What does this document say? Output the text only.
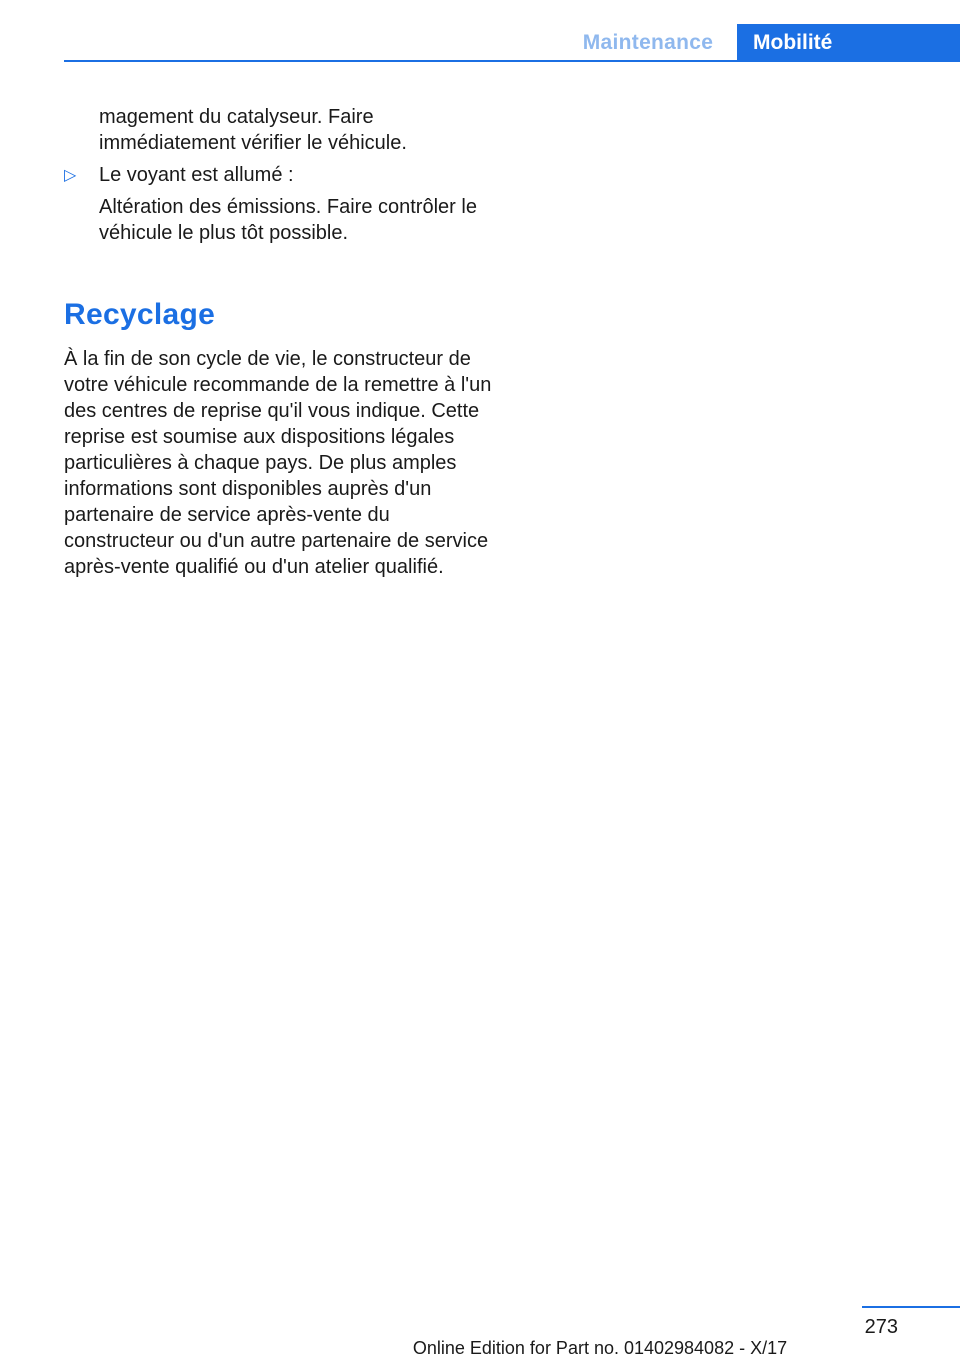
Maintenance	Mobilité
magement du catalyseur. Faire immédiatement vérifier le véhicule.
▷ Le voyant est allumé :
Altération des émissions. Faire contrôler le véhicule le plus tôt possible.
Recyclage
À la fin de son cycle de vie, le constructeur de votre véhicule recommande de la remettre à l'un des centres de reprise qu'il vous indique. Cette reprise est soumise aux dispositions légales particulières à chaque pays. De plus amples informations sont disponibles auprès d'un partenaire de service après-vente du constructeur ou d'un autre partenaire de service après-vente qualifié ou d'un atelier qualifié.
273
Online Edition for Part no. 01402984082 - X/17
